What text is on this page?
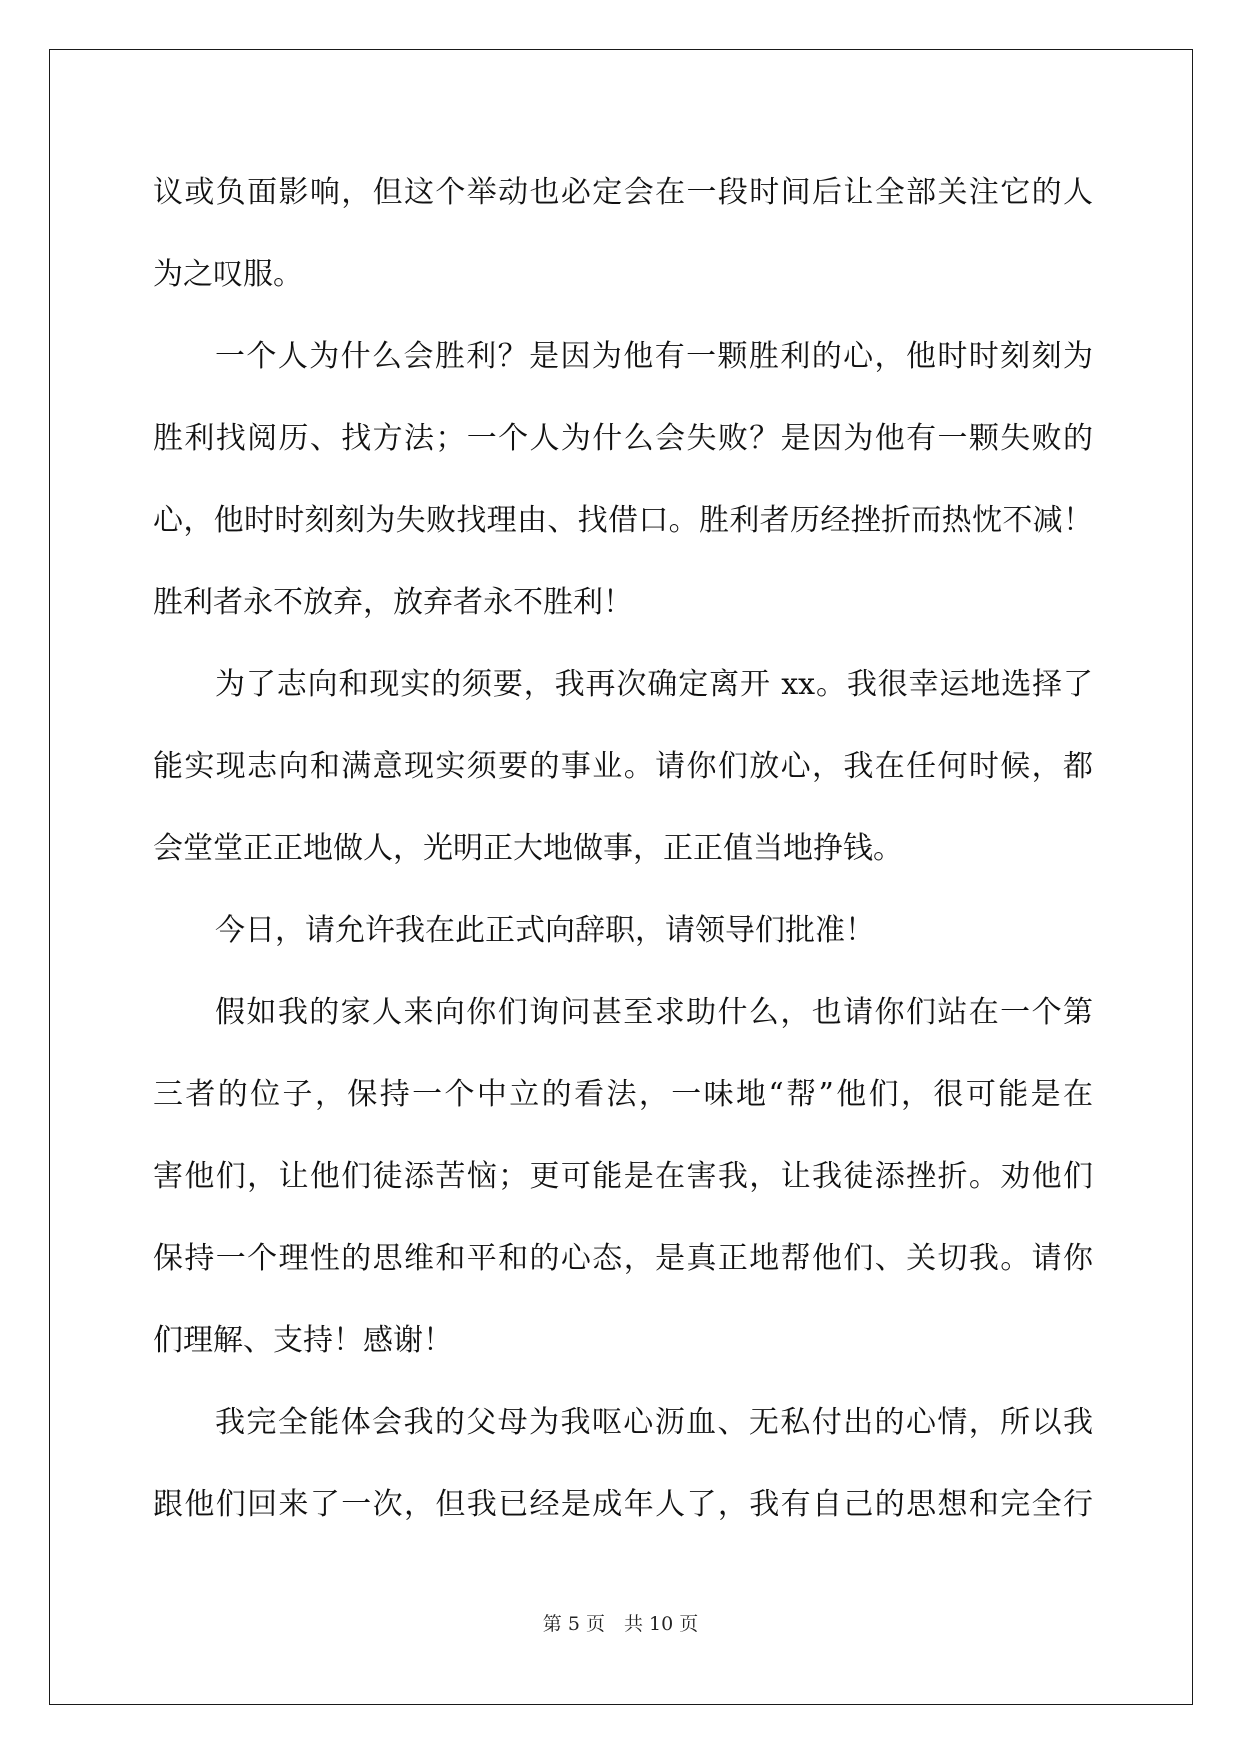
议或负面影响，但这个举动也必定会在一段时间后让全部关注它的人
为之叹服。
一个人为什么会胜利？是因为他有一颗胜利的心，他时时刻刻为
胜利找阅历、找方法；一个人为什么会失败？是因为他有一颗失败的
心，他时时刻刻为失败找理由、找借口。胜利者历经挫折而热忱不减！
胜利者永不放弃，放弃者永不胜利！
为了志向和现实的须要，我再次确定离开 xx。我很幸运地选择了
能实现志向和满意现实须要的事业。请你们放心，我在任何时候，都
会堂堂正正地做人，光明正大地做事，正正值当地挣钱。
今日，请允许我在此正式向辞职，请领导们批准！
假如我的家人来向你们询问甚至求助什么，也请你们站在一个第
三者的位子，保持一个中立的看法，一味地“帮”他们，很可能是在
害他们，让他们徒添苦恼；更可能是在害我，让我徒添挫折。劝他们
保持一个理性的思维和平和的心态，是真正地帮他们、关切我。请你
们理解、支持！感谢！
我完全能体会我的父母为我呕心沥血、无私付出的心情，所以我
跟他们回来了一次，但我已经是成年人了，我有自己的思想和完全行
第 5 页　共 10 页
